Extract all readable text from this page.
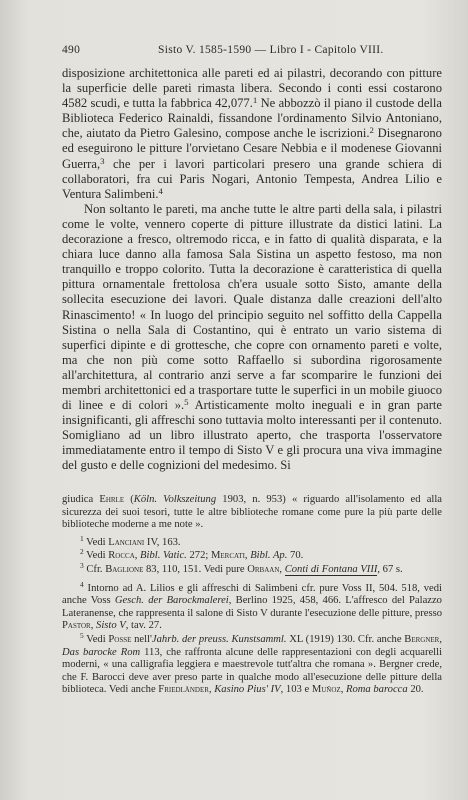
490	Sisto V. 1585-1590 — Libro I - Capitolo VIII.

disposizione architettonica alle pareti ed ai pilastri, decorando con pitture la superficie delle pareti rimasta libera. Secondo i conti essi costarono 4582 scudi, e tutta la fabbrica 42,077.$^1$ Ne abbozzò il piano il custode della Biblioteca Federico Rainaldi, fissandone l'ordinamento Silvio Antoniano, che, aiutato da Pietro Galesino, compose anche le iscrizioni.$^2$ Disegnarono ed eseguirono le pitture l'orvietano Cesare Nebbia e il modenese Giovanni Guerra,$^3$ che per i lavori particolari presero una grande schiera di collaboratori, fra cui Paris Nogari, Antonio Tempesta, Andrea Lilio e Ventura Salimbeni.$^4$

Non soltanto le pareti, ma anche tutte le altre parti della sala, i pilastri come le volte, vennero coperte di pitture illustrate da distici latini. La decorazione a fresco, oltremodo ricca, e in fatto di qualità disparata, e la chiara luce danno alla famosa Sala Sistina un aspetto festoso, ma non tranquillo e troppo colorito. Tutta la decorazione è caratteristica di quella pittura ornamentale frettolosa ch'era usuale sotto Sisto, amante della sollecita esecuzione dei lavori. Quale distanza dalle creazioni dell'alto Rinascimento! « In luogo del principio seguito nel soffitto della Cappella Sistina o nella Sala di Costantino, qui è entrato un vario sistema di superfici dipinte e di grottesche, che copre con ornamento pareti e volte, ma che non più come sotto Raffaello si subordina rigorosamente all'architettura, al contrario anzi serve a far scomparire le funzioni dei membri architettonici ed a trasportare tutte le superfici in un mobile giuoco di linee e di colori ».$^5$ Artisticamente molto ineguali e in gran parte insignificanti, gli affreschi sono tuttavia molto interessanti per il contenuto. Somigliano ad un libro illustrato aperto, che trasporta l'osservatore immediatamente entro il tempo di Sisto V e gli procura una viva immagine del gusto e delle cognizioni del medesimo. Si

giudica Ehrle (Köln. Volkszeitung 1903, n. 953) « riguardo all'isolamento ed alla sicurezza dei suoi tesori, tutte le altre biblioteche romane come pure la più parte delle biblioteche moderne a me note ».

$^1$ Vedi Lanciani IV, 163.

$^2$ Vedi Rocca, Bibl. Vatic. 272; Mercati, Bibl. Ap. 70.

$^3$ Cfr. Baglione 83, 110, 151. Vedi pure Orbaan, Conti di Fontana VIII, 67 s.

$^4$ Intorno ad A. Lilios e gli affreschi di Salimbeni cfr. pure Voss II, 504. 518, vedi anche Voss Gesch. der Barockmalerei, Berlino 1925, 458, 466. L'affresco del Palazzo Lateranense, che rappresenta il salone di Sisto V durante l'esecuzione delle pitture, presso Pastor, Sisto V, tav. 27.

$^5$ Vedi Posse nell'Jahrb. der preuss. Kunstsamml. XL (1919) 130. Cfr. anche Bergner, Das barocke Rom 113, che raffronta alcune delle rappresentazioni con degli acquarelli moderni, « una calligrafia leggiera e maestrevole tutt'altra che romana ». Bergner crede, che F. Barocci deve aver preso parte in qualche modo all'esecuzione delle pitture della biblioteca. Vedi anche Friedländer, Kasino Pius' IV, 103 e Muñoz, Roma barocca 20.
